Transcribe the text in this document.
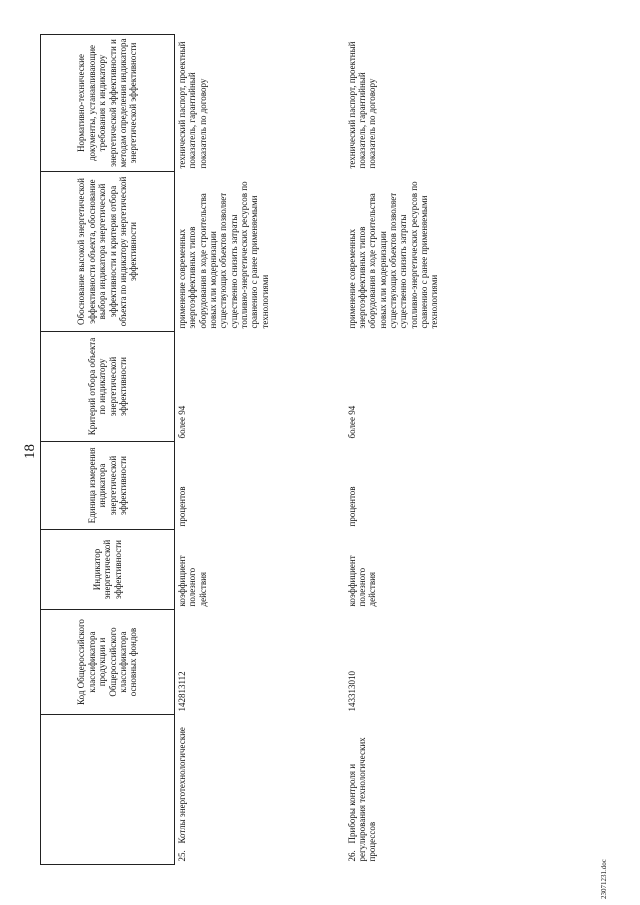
18
	Код Общероссийского классификатора продукции и Общероссийского классификатора основных фондов	Индикатор энергетической эффективности	Единица измерения индикатора энергетической эффективности	Критерий отбора объекта по индикатору энергетической эффективности	Обоснование высокой энергетической эффективности объекта, обоснование выбора индикатора энергетической эффективности и критерия отбора объекта по индикатору энергетической эффективности	Нормативно-технические документы, устанавливающие требования к индикатору энергетической эффективности и методам определения индикатора энергетической эффективности
25.Котлы энерготехнологические	142813112	коэффициент полезного действия	процентов	более 94	применение современных энергоэффективных типов оборудования в ходе строительства новых или модернизации существующих объектов позволяет существенно снизить затраты топливно-энергетических ресурсов по сравнению с ранее применяемыми технологиями	технический паспорт, проектный показатель, гарантийный показатель по договору
26.Приборы контроля и регулирования технологических процессов	143313010	коэффициент полезного действия	процентов	более 94	применение современных энергоэффективных типов оборудования в ходе строительства новых или модернизации существующих объектов позволяет существенно снизить затраты топливно-энергетических ресурсов по сравнению с ранее применяемыми технологиями	технический паспорт, проектный показатель, гарантийный показатель по договору
23071231.doc
